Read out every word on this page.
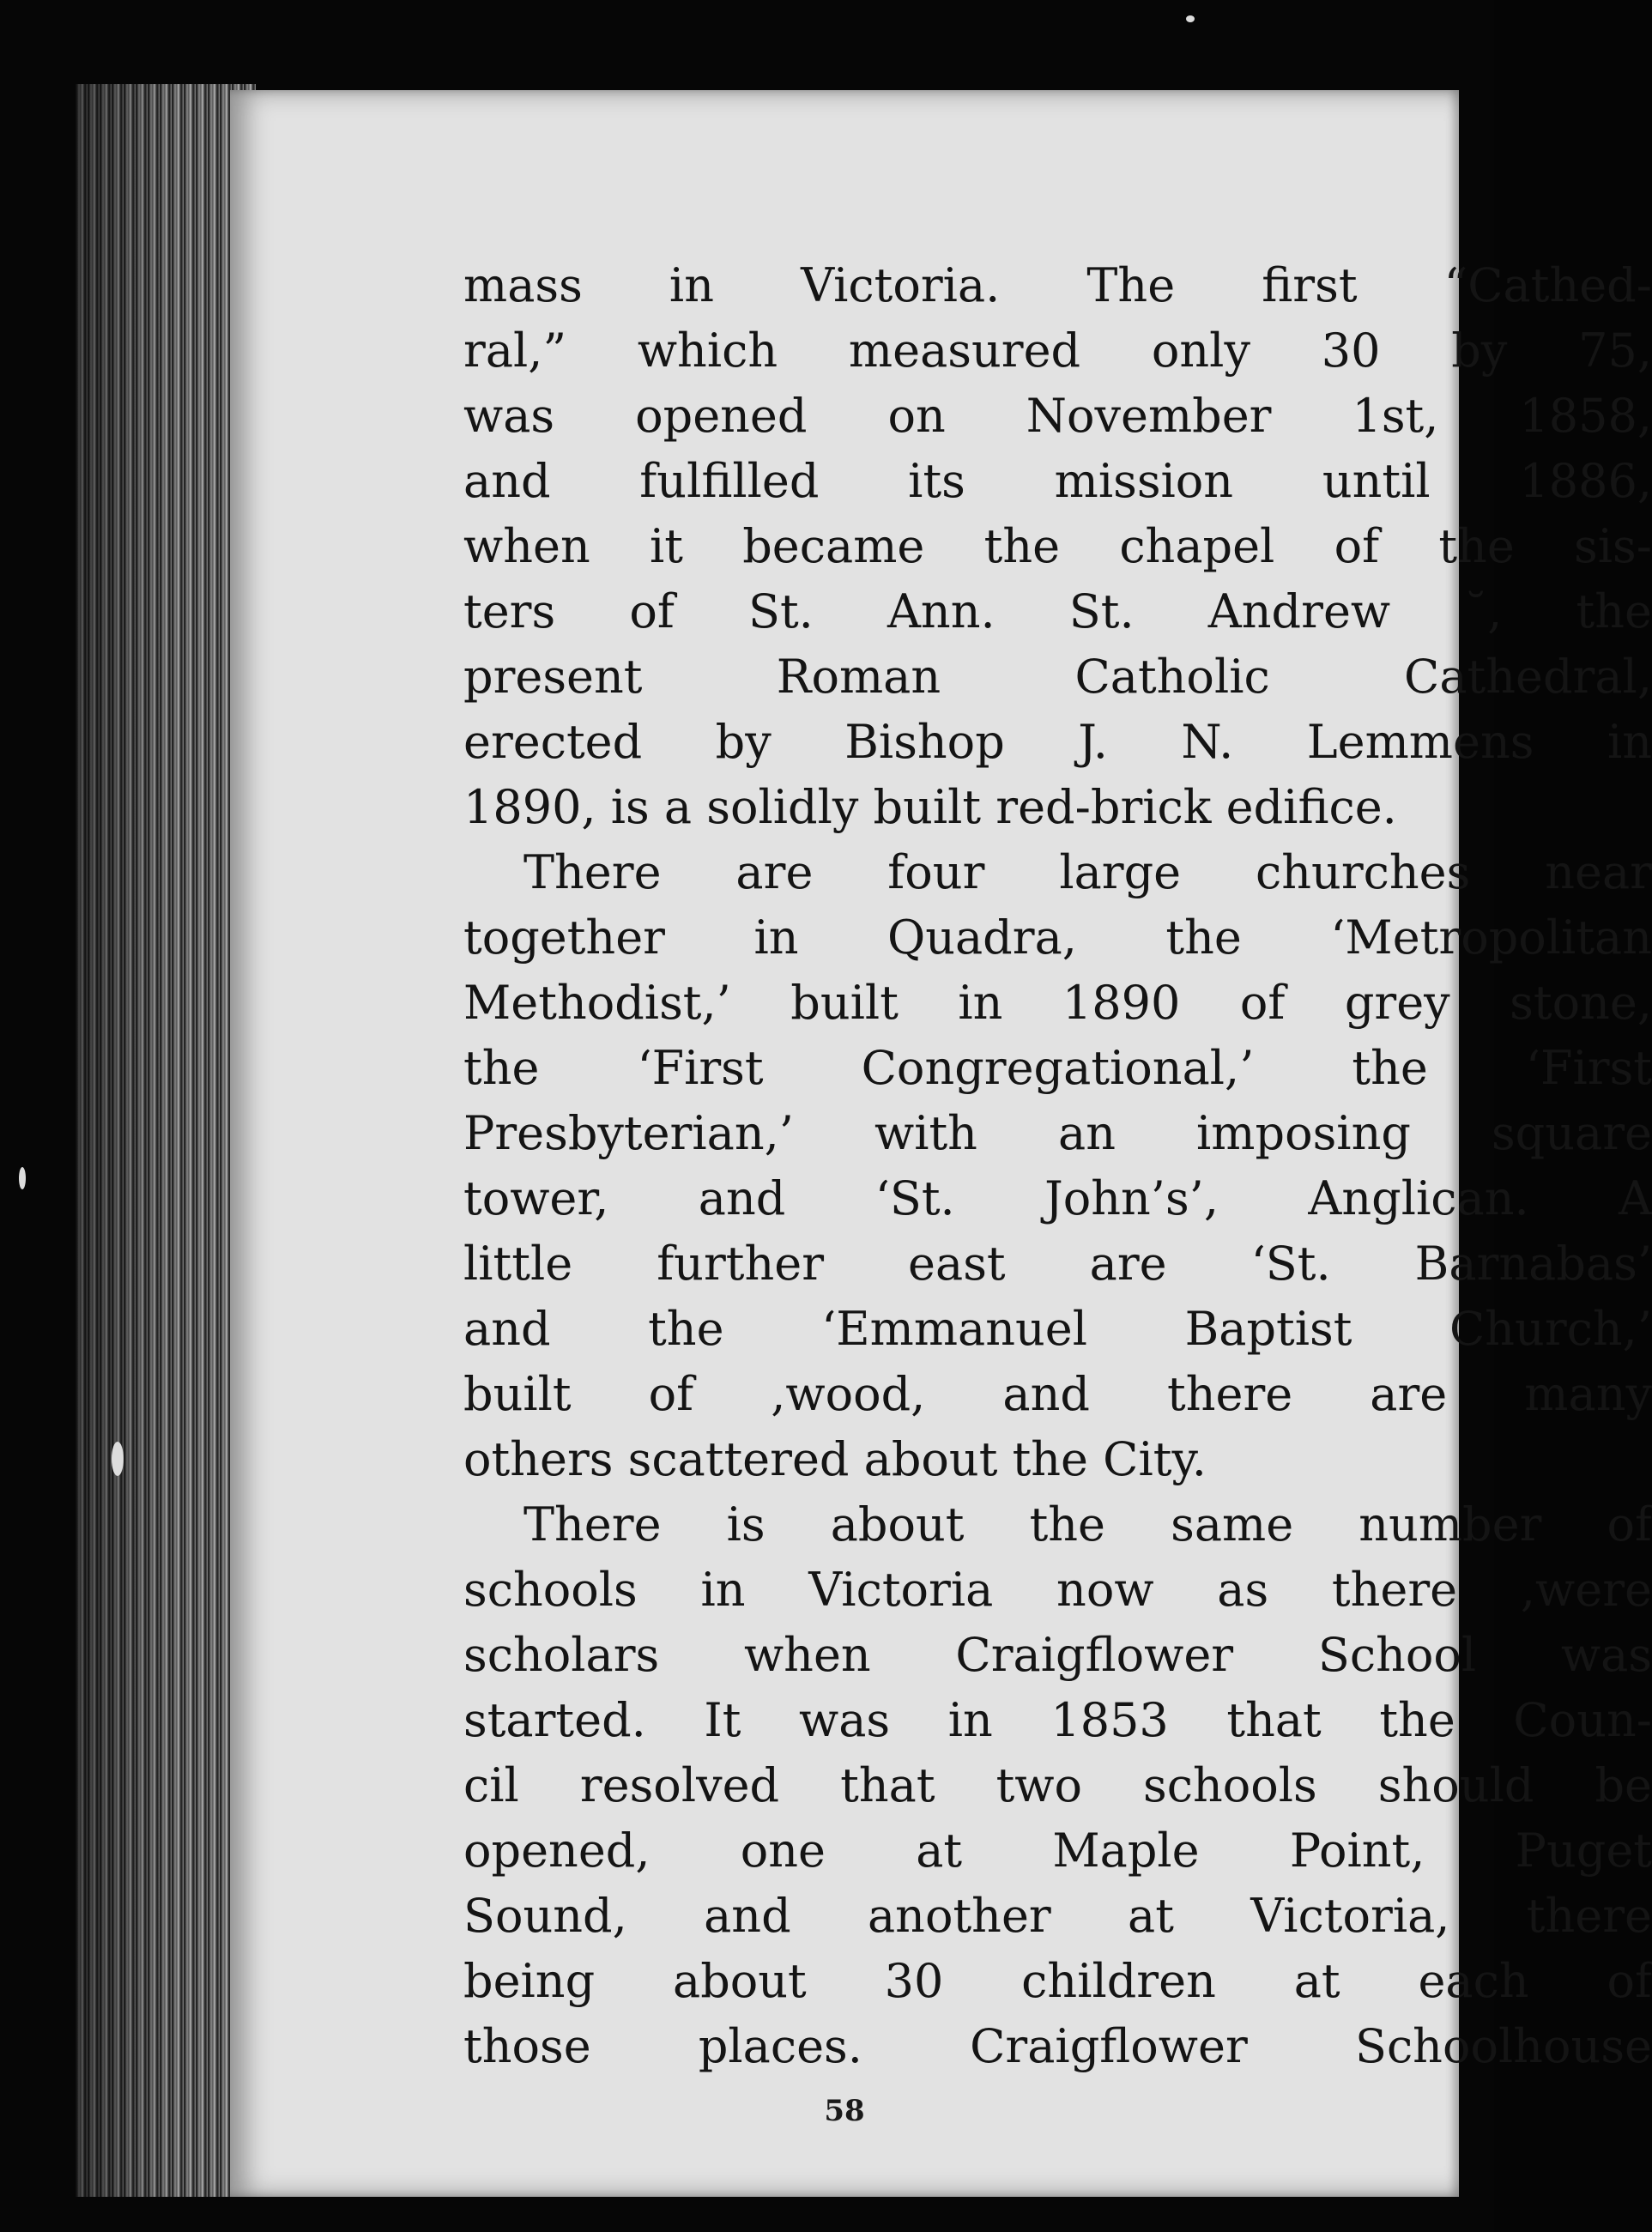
mass in Victoria. The first “Cathed-
ral,” which measured only 30 by 75,
was opened on November 1st, 1858,
and fulfilled its mission until 1886,
when it became the chapel of the sis-
ters of St. Ann. St. Andrew ˘, the
present Roman Catholic Cathedral,
erected by Bishop J. N. Lemmens in
1890, is a solidly built red-brick edifice.
There are four large churches near
together in Quadra, the ‘Metropolitan
Methodist,’ built in 1890 of grey stone,
the ‘First Congregational,’ the ‘First
Presbyterian,’ with an imposing square
tower, and ‘St. John’s’, Anglican. A
little further east are ‘St. Barnabas’
and the ‘Emmanuel Baptist Church,’
built of ,wood, and there are many
others scattered about the City.
There is about the same number of
schools in Victoria now as there ,were
scholars when Craigflower School was
started. It was in 1853 that the Coun-
cil resolved that two schools should be
opened, one at Maple Point, Puget
Sound, and another at Victoria, there
being about 30 children at each of
those places. Craigflower Schoolhouse
58
